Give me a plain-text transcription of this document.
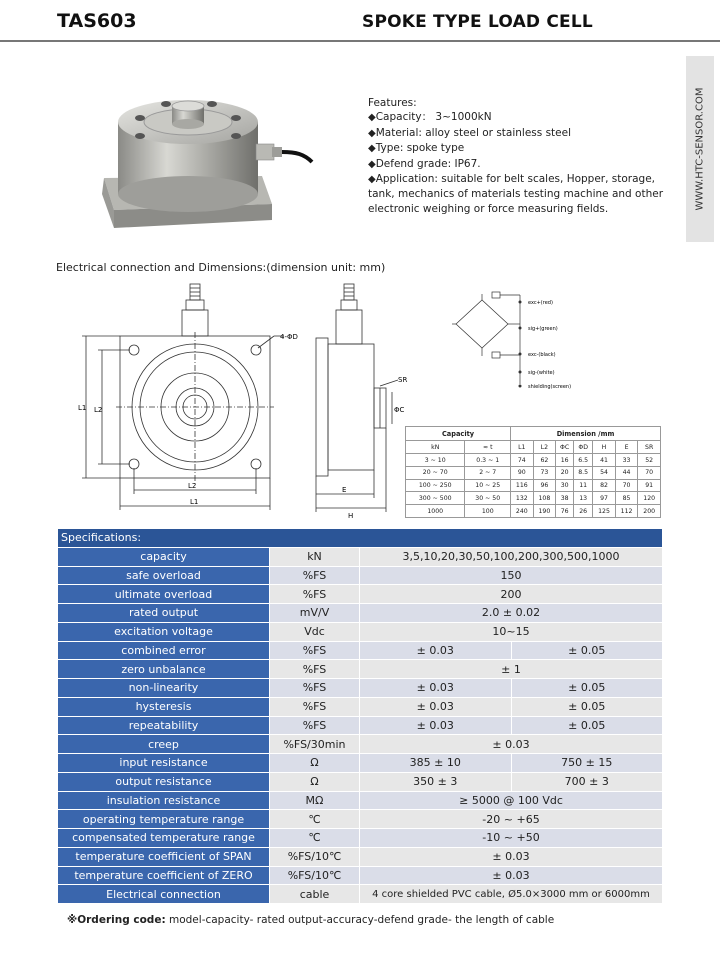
TAS603	SPOKE TYPE LOAD CELL
Features:
◆Capacity： 3~1000kN
◆Material: alloy steel or stainless steel
◆Type: spoke type
◆Defend grade: IP67.
◆Application: suitable for belt scales, Hopper, storage,
tank, mechanics of materials testing machine and other
electronic weighing or force measuring fields.	WWW.HTC-SENSOR.COM
Electrical connection and Dimensions:(dimension unit: mm)
L1 L2
L2
L1
4-ΦD
SR
ΦC
E
H
exc+(red)
sig+(green)
exc-(black)
sig-(white)
shielding(screen)
Capacity		Dimension /mm						
kN	≈ t	L1	L2	ΦC	ΦD	H	E	SR
3 ~ 10	0.3 ~ 1	74	62	16	6.5	41	33	52
20 ~ 70	2 ~ 7	90	73	20	8.5	54	44	70
100 ~ 250	10 ~ 25	116	96	30	11	82	70	91
300 ~ 500	30 ~ 50	132	108	38	13	97	85	120
1000	100	240	190	76	26	125	112	200
Specifications:			
capacity	kN	3,5,10,20,30,50,100,200,300,500,1000	
safe overload	%FS	150	
ultimate overload	%FS	200	
rated output	mV/V	2.0 ± 0.02	
excitation voltage	Vdc	10~15	
combined error	%FS	± 0.03	± 0.05
zero unbalance	%FS	± 1	
non-linearity	%FS	± 0.03	± 0.05
hysteresis	%FS	± 0.03	± 0.05
repeatability	%FS	± 0.03	± 0.05
creep	%FS/30min	± 0.03	
input resistance	Ω	385 ± 10	750 ± 15
output resistance	Ω	350 ± 3	700 ± 3
insulation resistance	MΩ	≥ 5000 @ 100 Vdc	
operating temperature range	℃	-20 ~ +65	
compensated temperature range	℃	-10 ~ +50	
temperature coefficient of SPAN	%FS/10℃	± 0.03	
temperature coefficient of ZERO	%FS/10℃	± 0.03	
Electrical connection	cable	4 core shielded PVC cable, Ø5.0×3000 mm or 6000mm	
※Ordering code: model-capacity- rated output-accuracy-defend grade- the length of cable
